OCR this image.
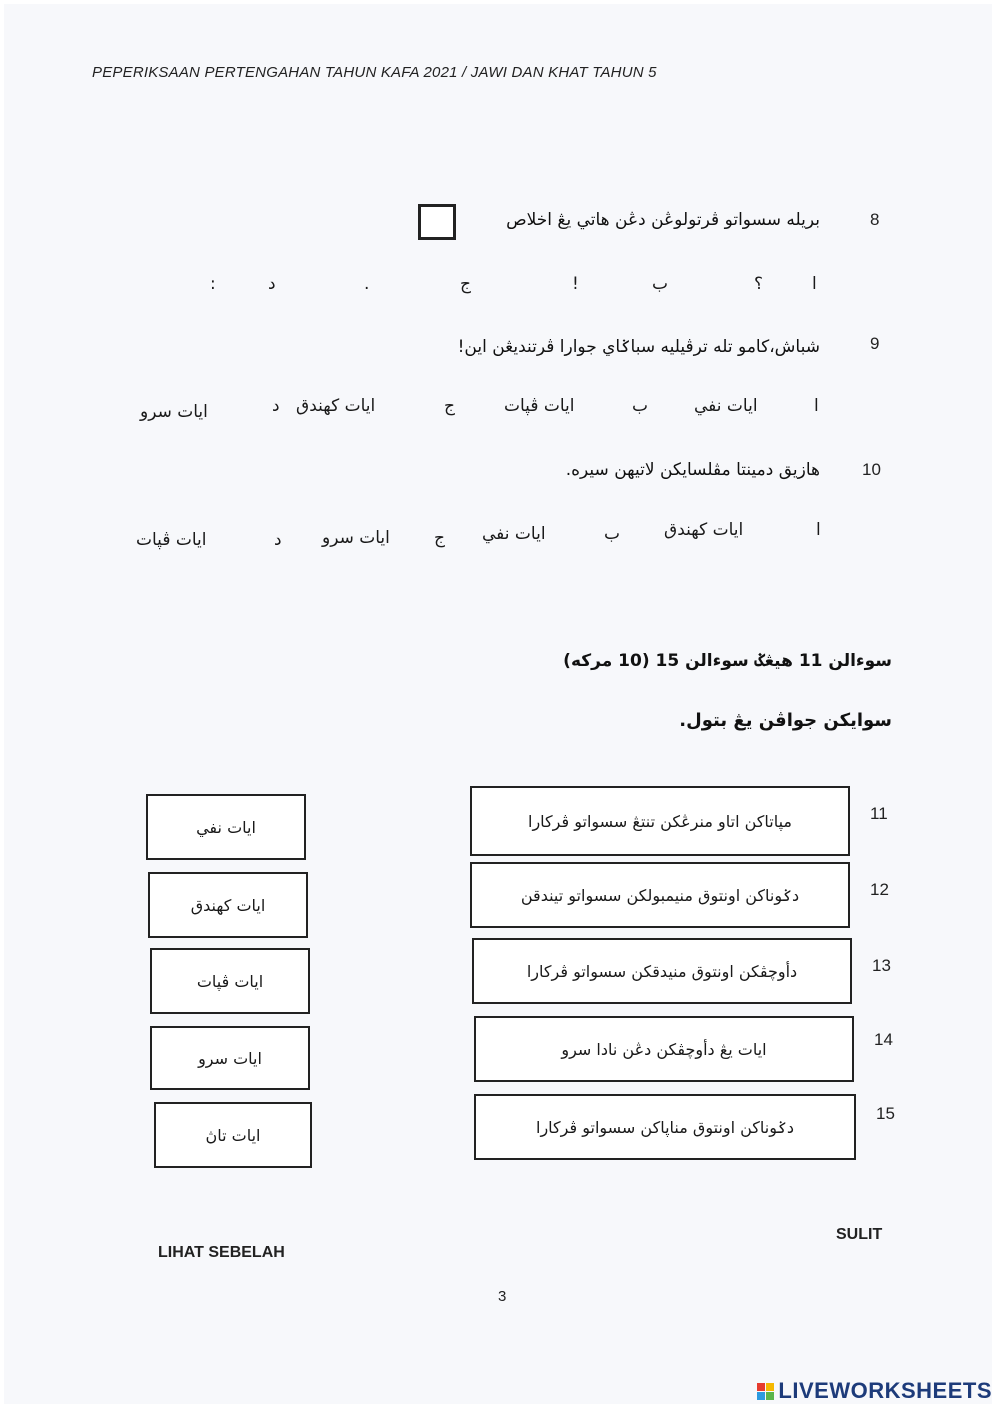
PEPERIKSAAN PERTENGAHAN TAHUN KAFA 2021 / JAWI DAN KHAT TAHUN 5
8
بريله سسواتو ڤرتولوڠن دڠن هاتي يڠ اخلاص
ا
؟
ب
!
ج
.
د
:
9
شباش،كامو تله ترڤيليه سباݢاي جوارا ڤرتنديڠن اين!
ا
ايات نفي
ب
ايات ڤڽات
ج
ايات كهندق
د
ايات سرو
10
هازيق دمينتا مڤلسايكن لاتيهن سيره.
ا
ايات كهندق
ب
ايات نفي
ج
ايات سرو
د
ايات ڤڽات
سوءالن 11 هيڠݢ سوءالن 15 (10 مركه)
سوايكن جواڤن يڠ بتول.
ايات نفي
ايات كهندق
ايات ڤڽات
ايات سرو
ايات تاڽ
11
مڽاتاكن اتاو منرڠكن تنتڠ سسواتو ڤركارا
12
دݢوناكن اونتوق منيمبولكن سسواتو تيندقن
13
دأوچڤكن اونتوق منيدقكن سسواتو ڤركارا
14
ايات يڠ دأوچڤكن دڠن نادا سرو
15
دݢوناكن اونتوق مناڽاكن سسواتو ڤركارا
LIHAT SEBELAH
SULIT
3
LIVEWORKSHEETS
